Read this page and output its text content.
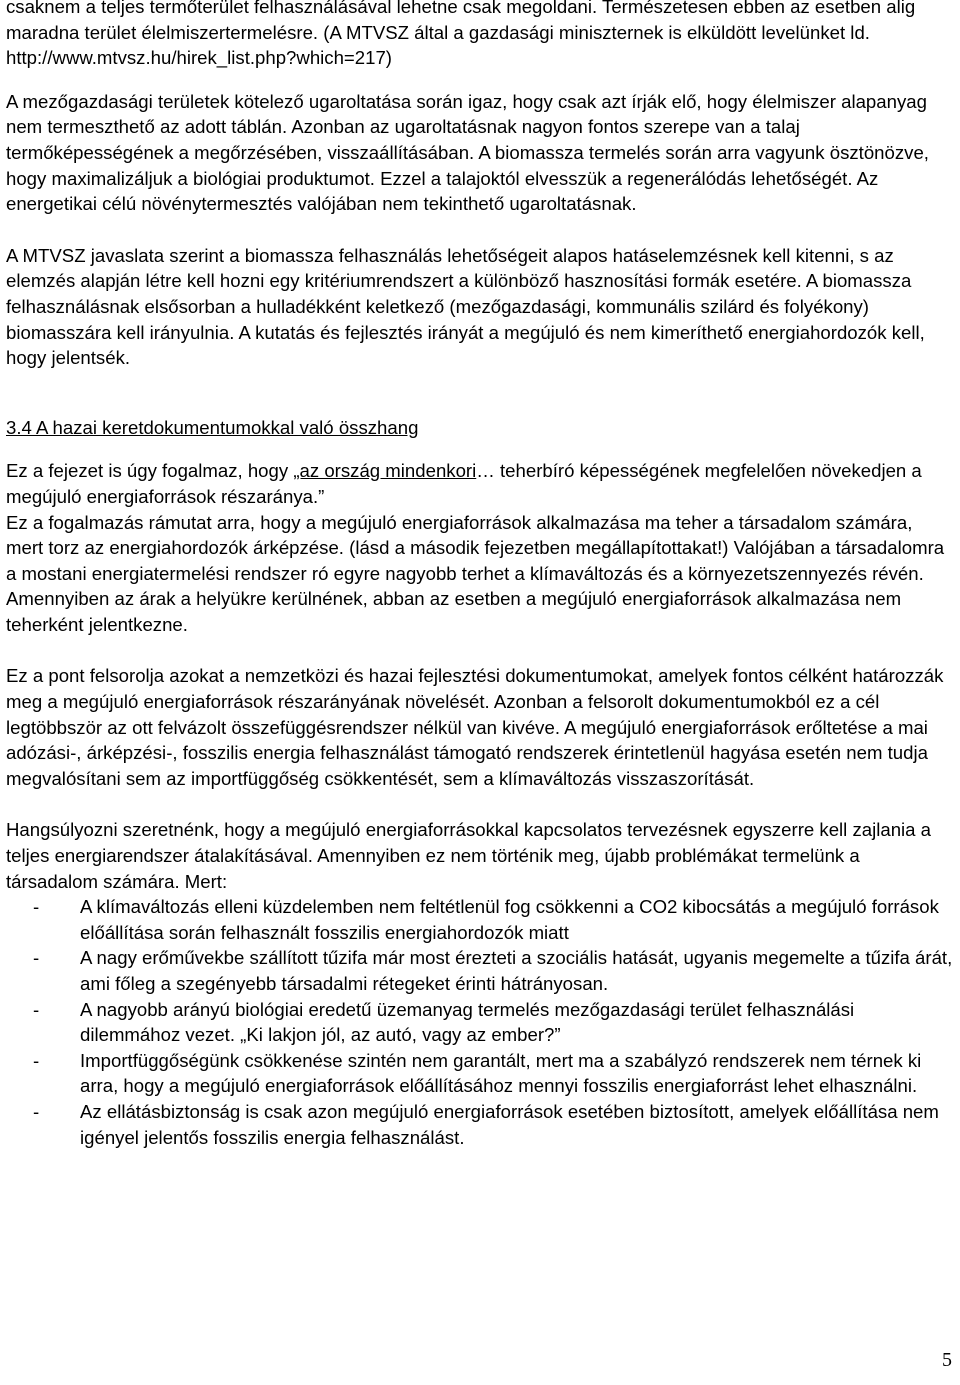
csaknem a teljes termőterület felhasználásával lehetne csak megoldani. Természetesen ebben az esetben alig maradna terület élelmiszertermelésre. (A MTVSZ által a gazdasági miniszternek is elküldött levelünket ld. http://www.mtvsz.hu/hirek_list.php?which=217)

A mezőgazdasági területek kötelező ugaroltatása során igaz, hogy csak azt írják elő, hogy élelmiszer alapanyag nem termeszthető az adott táblán. Azonban az ugaroltatásnak nagyon fontos szerepe van a talaj termőképességének a megőrzésében, visszaállításában. A biomassza termelés során arra vagyunk ösztönözve, hogy maximalizáljuk a biológiai produktumot. Ezzel a talajoktól elvesszük a regenerálódás lehetőségét. Az energetikai célú növénytermesztés valójában nem tekinthető ugaroltatásnak.

A MTVSZ javaslata szerint a biomassza felhasználás lehetőségeit alapos hatáselemzésnek kell kitenni, s az elemzés alapján létre kell hozni egy kritériumrendszert a különböző hasznosítási formák esetére. A biomassza felhasználásnak elsősorban a hulladékként keletkező (mezőgazdasági, kommunális szilárd és folyékony) biomasszára kell irányulnia. A kutatás és fejlesztés irányát a megújuló és nem kimeríthető energiahordozók kell, hogy jelentsék.

3.4 A hazai keretdokumentumokkal való összhang

Ez a fejezet is úgy fogalmaz, hogy „az ország mindenkori… teherbíró képességének megfelelően növekedjen a megújuló energiaforrások részaránya.”

Ez a fogalmazás rámutat arra, hogy a megújuló energiaforrások alkalmazása ma teher a társadalom számára, mert torz az energiahordozók árképzése. (lásd a második fejezetben megállapítottakat!) Valójában a társadalomra a mostani energiatermelési rendszer ró egyre nagyobb terhet a klímaváltozás és a környezetszennyezés révén. Amennyiben az árak a helyükre kerülnének, abban az esetben a megújuló energiaforrások alkalmazása nem teherként jelentkezne.

Ez a pont felsorolja azokat a nemzetközi és hazai fejlesztési dokumentumokat, amelyek fontos célként határozzák meg a megújuló energiaforrások részarányának növelését. Azonban a felsorolt dokumentumokból ez a cél legtöbbször az ott felvázolt összefüggésrendszer nélkül van kivéve. A megújuló energiaforrások erőltetése a mai adózási-, árképzési-, fosszilis energia felhasználást támogató rendszerek érintetlenül hagyása esetén nem tudja megvalósítani sem az importfüggőség csökkentését, sem a klímaváltozás visszaszorítását.

Hangsúlyozni szeretnénk, hogy a megújuló energiaforrásokkal kapcsolatos tervezésnek egyszerre kell zajlania a teljes energiarendszer átalakításával. Amennyiben ez nem történik meg, újabb problémákat termelünk a társadalom számára. Mert:

- A klímaváltozás elleni küzdelemben nem feltétlenül fog csökkenni a CO2 kibocsátás a megújuló források előállítása során felhasznált fosszilis energiahordozók miatt
- A nagy erőművekbe szállított tűzifa már most érezteti a szociális hatását, ugyanis megemelte a tűzifa árát, ami főleg a szegényebb társadalmi rétegeket érinti hátrányosan.
- A nagyobb arányú biológiai eredetű üzemanyag termelés mezőgazdasági terület felhasználási dilemmához vezet. „Ki lakjon jól, az autó, vagy az ember?”
- Importfüggőségünk csökkenése szintén nem garantált, mert ma a szabályzó rendszerek nem térnek ki arra, hogy a megújuló energiaforrások előállításához mennyi fosszilis energiaforrást lehet elhasználni.
- Az ellátásbiztonság is csak azon megújuló energiaforrások esetében biztosított, amelyek előállítása nem igényel jelentős fosszilis energia felhasználást.
5
